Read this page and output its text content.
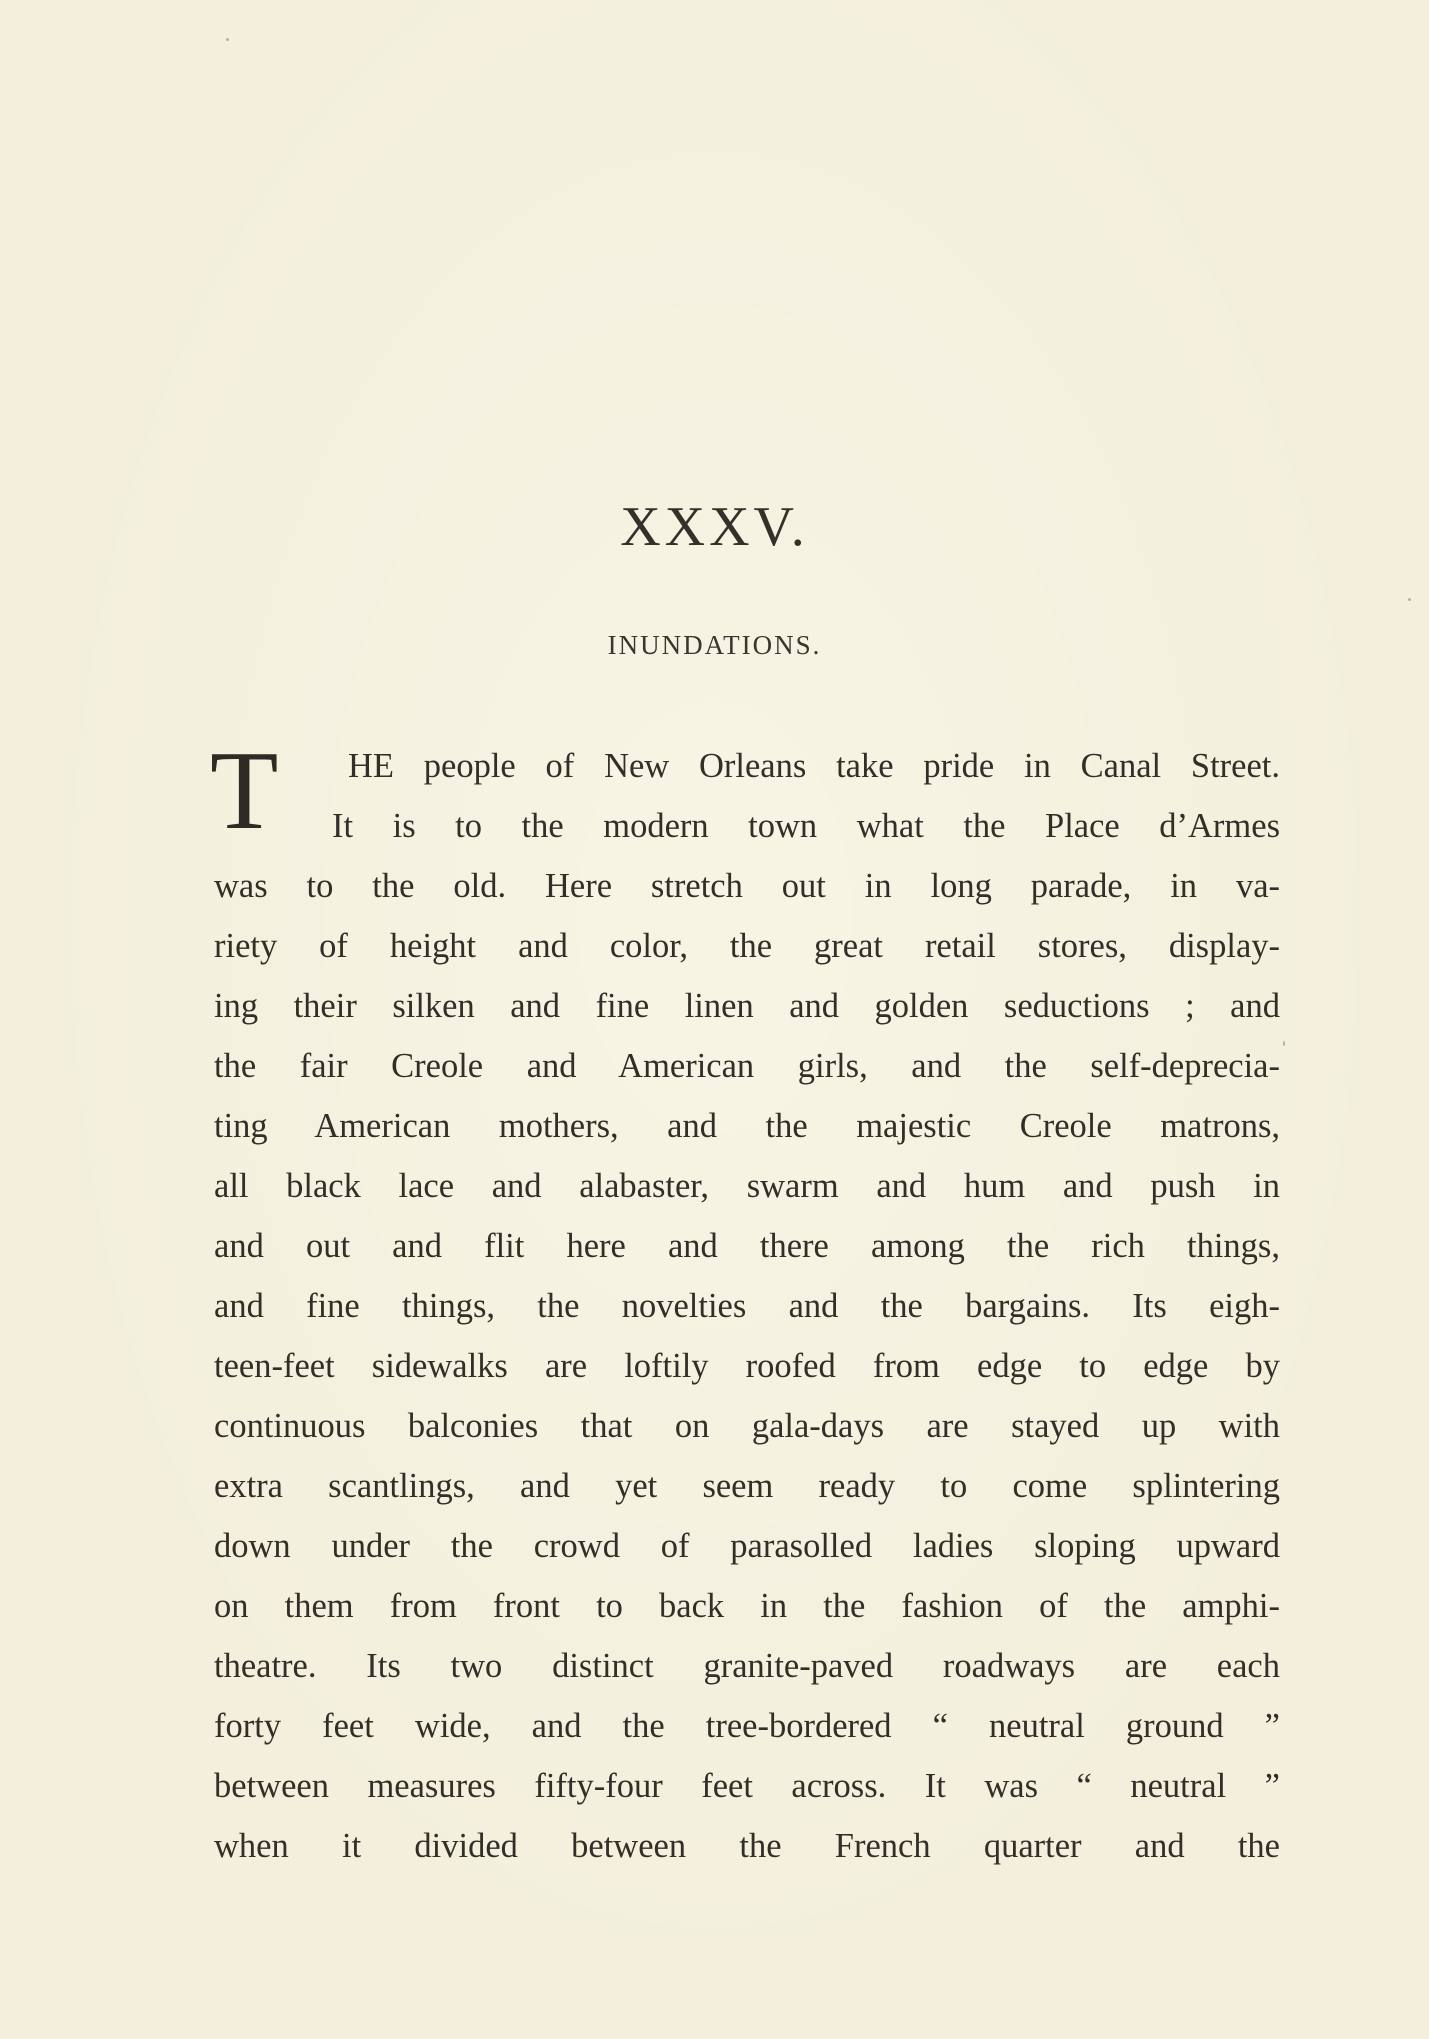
XXXV.
INUNDATIONS.
T HE people of New Orleans take pride in Canal Street.
It is to the modern town what the Place d’Armes
was to the old. Here stretch out in long parade, in va-
riety of height and color, the great retail stores, display-
ing their silken and fine linen and golden seductions ; and
the fair Creole and American girls, and the self-deprecia-
ting American mothers, and the majestic Creole matrons,
all black lace and alabaster, swarm and hum and push in
and out and flit here and there among the rich things,
and fine things, the novelties and the bargains. Its eigh-
teen-feet sidewalks are loftily roofed from edge to edge by
continuous balconies that on gala-days are stayed up with
extra scantlings, and yet seem ready to come splintering
down under the crowd of parasolled ladies sloping upward
on them from front to back in the fashion of the amphi-
theatre. Its two distinct granite-paved roadways are each
forty feet wide, and the tree-bordered “ neutral ground ”
between measures fifty-four feet across. It was “ neutral ”
when it divided between the French quarter and the
